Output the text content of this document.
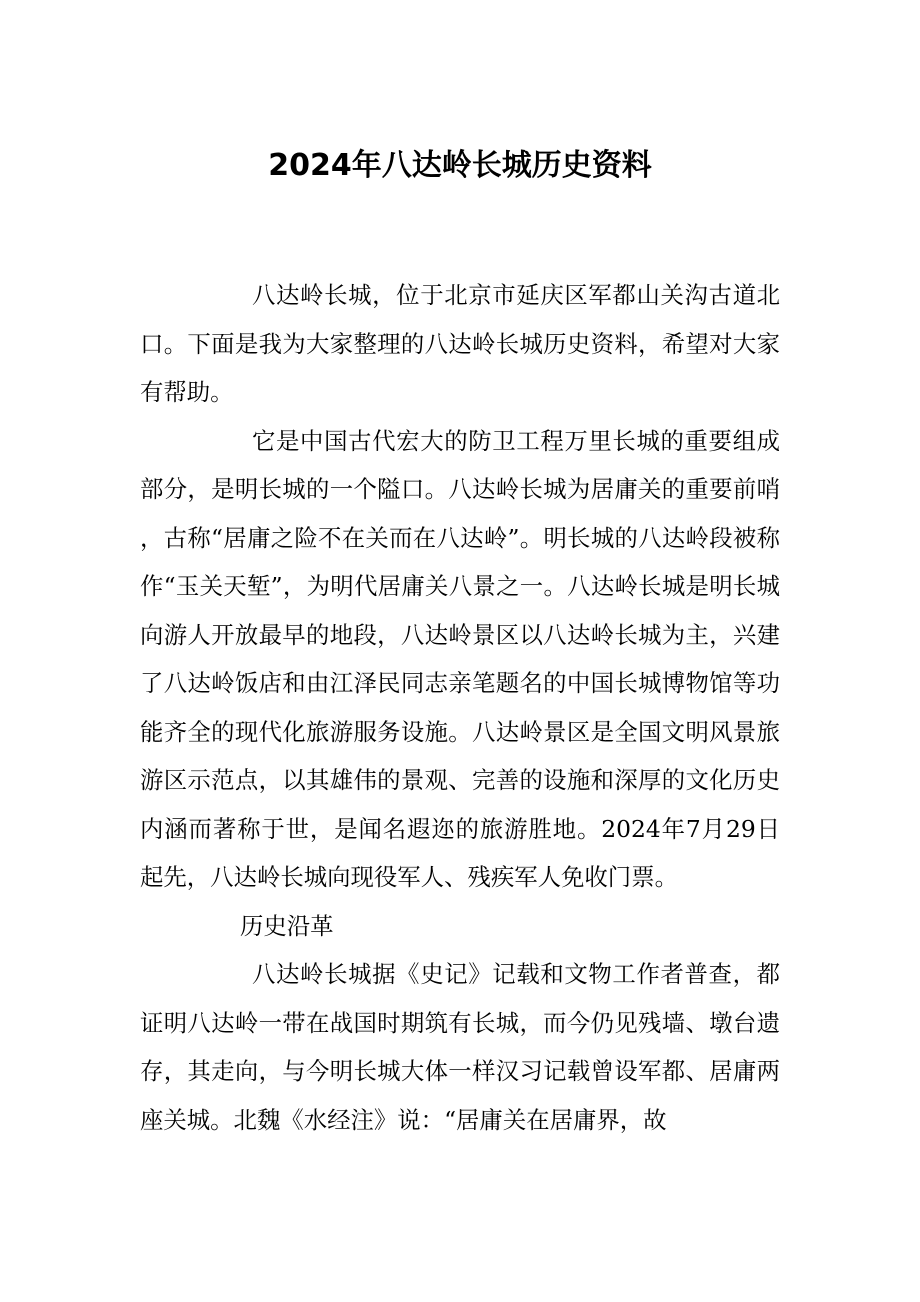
2024年八达岭长城历史资料

八达岭长城，位于北京市延庆区军都山关沟古道北口。下面是我为大家整理的八达岭长城历史资料，希望对大家有帮助。

它是中国古代宏大的防卫工程万里长城的重要组成部分，是明长城的一个隘口。八达岭长城为居庸关的重要前哨，古称“居庸之险不在关而在八达岭”。明长城的八达岭段被称作“玉关天堑”，为明代居庸关八景之一。八达岭长城是明长城向游人开放最早的地段，八达岭景区以八达岭长城为主，兴建了八达岭饭店和由江泽民同志亲笔题名的中国长城博物馆等功能齐全的现代化旅游服务设施。八达岭景区是全国文明风景旅游区示范点，以其雄伟的景观、完善的设施和深厚的文化历史内涵而著称于世，是闻名遐迩的旅游胜地。2024年7月29日起先，八达岭长城向现役军人、残疾军人免收门票。

历史沿革

八达岭长城据《史记》记载和文物工作者普查，都证明八达岭一带在战国时期筑有长城，而今仍见残墙、墩台遗存，其走向，与今明长城大体一样汉习记载曾设军都、居庸两座关城。北魏《水经注》说：“居庸关在居庸界，故
